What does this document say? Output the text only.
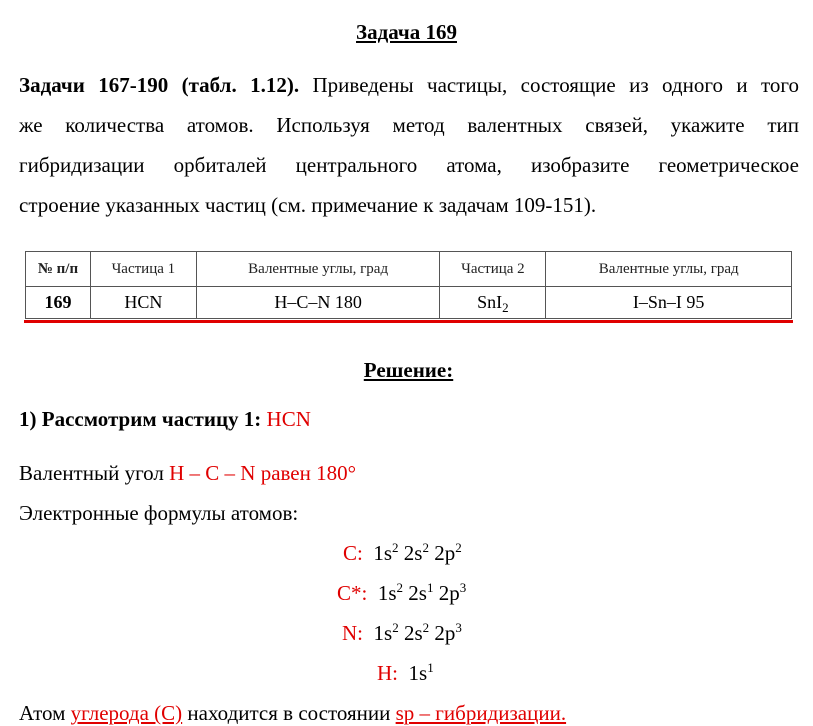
Задача 169
Задачи 167-190 (табл. 1.12). Приведены частицы, состоящие из одного и того
же количества атомов. Используя метод валентных связей, укажите тип
гибридизации орбиталей центрального атома, изобразите геометрическое
строение указанных частиц (см. примечание к задачам 109-151).
№ п/п	Частица 1	Валентные углы, град	Частица 2	Валентные углы, град
169	HCN	H–C–N 180	SnI$_2$	I–Sn–I 95
Решение:
1) Рассмотрим частицу 1: HCN
Валентный угол H – C – N равен 180°
Электронные формулы атомов:
C: $1s^2$ $2s^2$ $2p^2$
C*: $1s^2$ $2s^1$ $2p^3$
N: $1s^2$ $2s^2$ $2p^3$
H: $1s^1$
Атом углерода (С) находится в состоянии sp – гибридизации.
